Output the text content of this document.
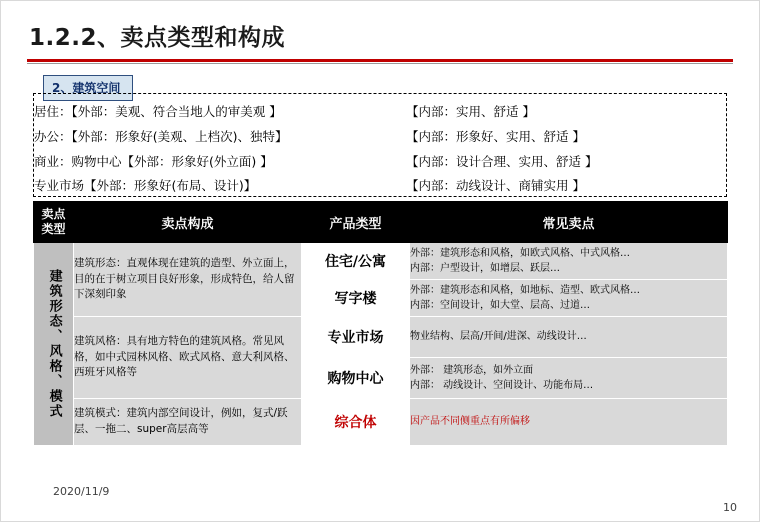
1.2.2、卖点类型和构成
2、建筑空间
居住：【外部：美观、符合当地人的审美观 】	【内部：实用、舒适 】
办公：【外部：形象好(美观、上档次)、独特】	【内部：形象好、实用、舒适 】
商业：购物中心【外部：形象好(外立面) 】	【内部：设计合理、实用、舒适 】
专业市场【外部：形象好(布局、设计)】	【内部：动线设计、商铺实用 】
卖点
类型	卖点构成	产品类型	常见卖点

建筑形态、风格、模式	建筑形态：直观体现在建筑的造型、外立面上，目的在于树立项目良好形象，形成特色，给人留下深刻印象	住宅/公寓	外部：建筑形态和风格，如欧式风格、中式风格…
内部：户型设计，如增层、跃层…

		写字楼	外部：建筑形态和风格，如地标、造型、欧式风格…
内部：空间设计，如大堂、层高、过道…

	建筑风格：具有地方特色的建筑风格。常见风格，如中式园林风格、欧式风格、意大利风格、西班牙风格等	专业市场	物业结构、层高/开间/进深、动线设计…

		购物中心	外部： 建筑形态，如外立面
内部： 动线设计、空间设计、功能布局…

	建筑模式：建筑内部空间设计，例如，复式/跃层、一拖二、super高层高等	综合体	因产品不同侧重点有所偏移
2020/11/9
10
